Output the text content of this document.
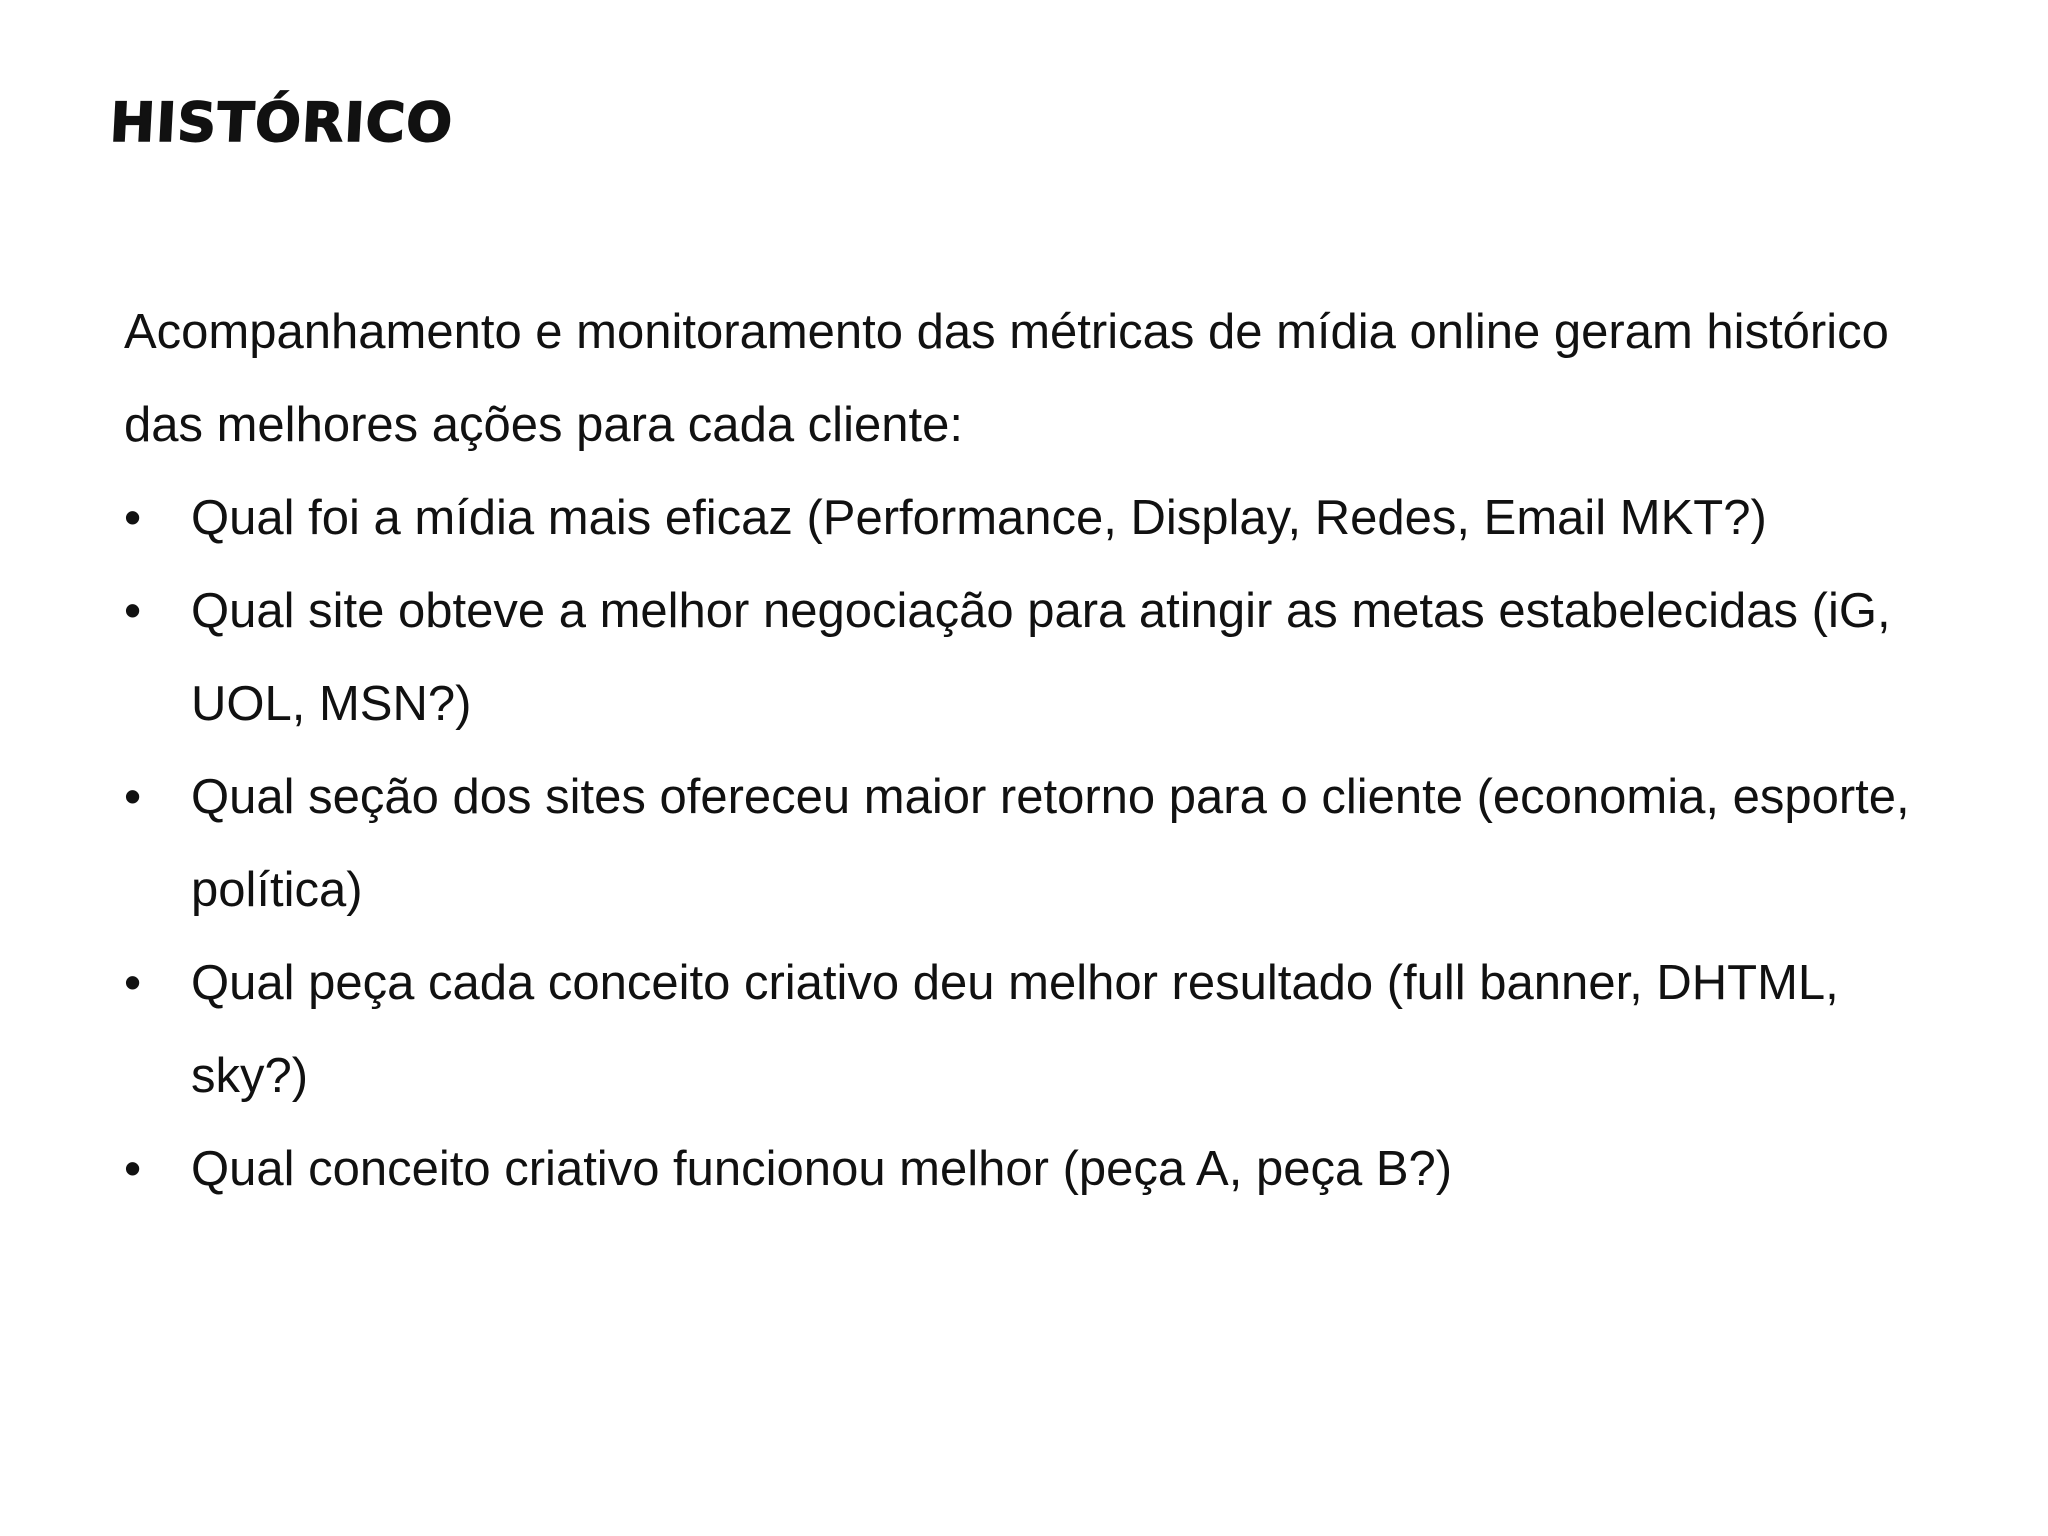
HISTÓRICO

Acompanhamento e monitoramento das métricas de mídia online geram histórico das melhores ações para cada cliente:

• Qual foi a mídia mais eficaz (Performance, Display, Redes, Email MKT?)
• Qual site obteve a melhor negociação para atingir as metas estabelecidas (iG, UOL, MSN?)
• Qual seção dos sites ofereceu maior retorno para o cliente (economia, esporte, política)
• Qual peça cada conceito criativo deu melhor resultado (full banner, DHTML, sky?)
• Qual conceito criativo funcionou melhor (peça A, peça B?)
